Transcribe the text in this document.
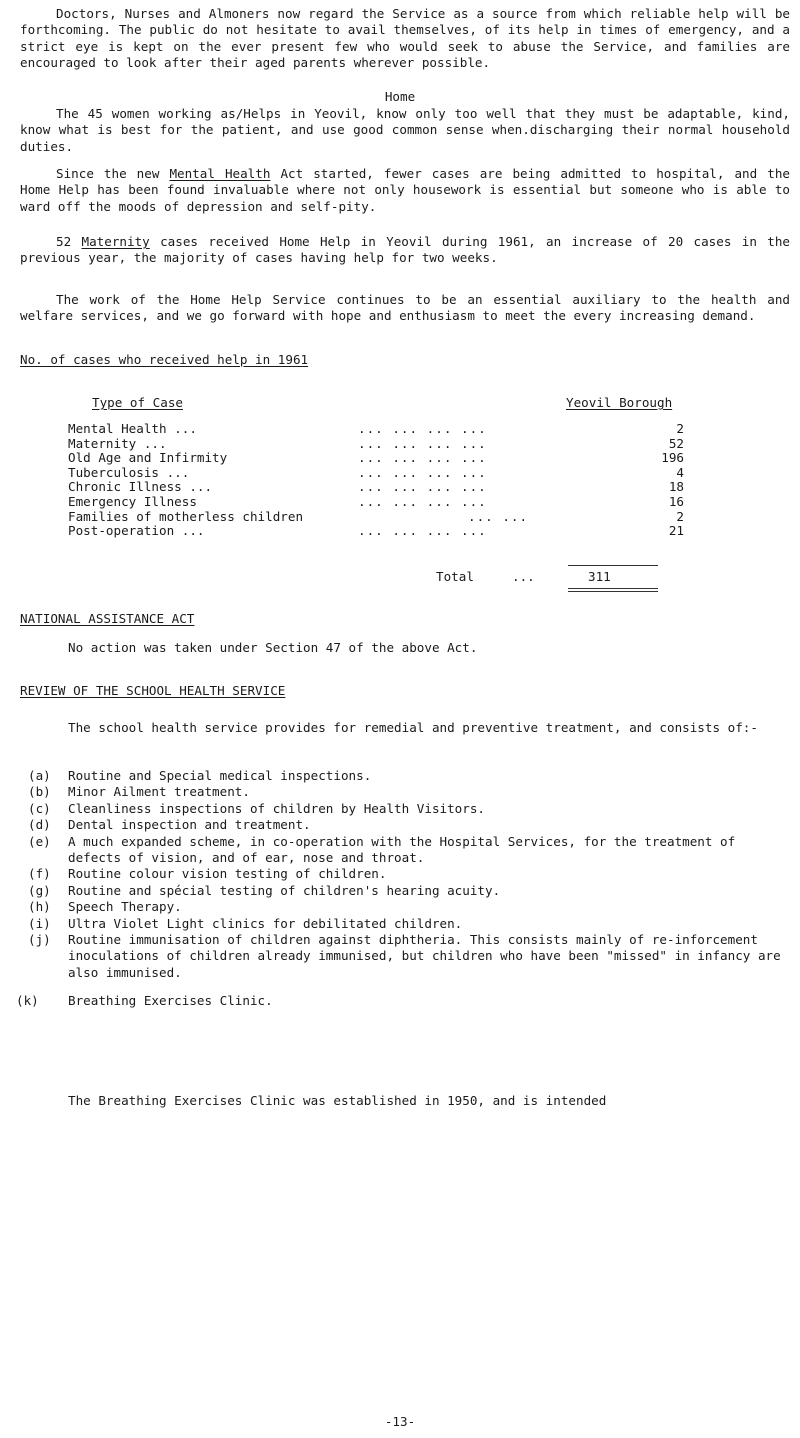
Doctors, Nurses and Almoners now regard the Service as a source from which reliable help will be forthcoming. The public do not hesitate to avail themselves, of its help in times of emergency, and a strict eye is kept on the ever present few who would seek to abuse the Service, and families are encouraged to look after their aged parents wherever possible.

Home

The 45 women working as/Helps in Yeovil, know only too well that they must be adaptable, kind, know what is best for the patient, and use good common sense when.discharging their normal household duties.

Since the new Mental Health Act started, fewer cases are being admitted to hospital, and the Home Help has been found invaluable where not only housework is essential but someone who is able to ward off the moods of depression and self-pity.

52 Maternity cases received Home Help in Yeovil during 1961, an increase of 20 cases in the previous year, the majority of cases having help for two weeks.

The work of the Home Help Service continues to be an essential auxiliary to the health and welfare services, and we go forward with hope and enthusiasm to meet the every increasing demand.

No. of cases who received help in 1961

Type of Case	Yeovil Borough

Mental Health ...	... ... ... ...	2
Maternity ...	... ... ... ...	52
Old Age and Infirmity	... ... ... ...	196
Tuberculosis ...	... ... ... ...	4
Chronic Illness ...	... ... ... ...	18
Emergency Illness	... ... ... ...	16
Families of motherless children	... ...	2
Post-operation ...	... ... ... ...	21

Total	...	311

NATIONAL ASSISTANCE ACT

No action was taken under Section 47 of the above Act.

REVIEW OF THE SCHOOL HEALTH SERVICE

The school health service provides for remedial and preventive treatment, and consists of:-

(a) Routine and Special medical inspections.
(b) Minor Ailment treatment.
(c) Cleanliness inspections of children by Health Visitors.
(d) Dental inspection and treatment.
(e) A much expanded scheme, in co-operation with the Hospital Services, for the treatment of defects of vision, and of ear, nose and throat.
(f) Routine colour vision testing of children.
(g) Routine and spécial testing of children's hearing acuity.
(h) Speech Therapy.
(i) Ultra Violet Light clinics for debilitated children.
(j) Routine immunisation of children against diphtheria. This consists mainly of re-inforcement inoculations of children already immunised, but children who have been "missed" in infancy are also immunised.
(k) Breathing Exercises Clinic.

The Breathing Exercises Clinic was established in 1950, and is intended

-13-
